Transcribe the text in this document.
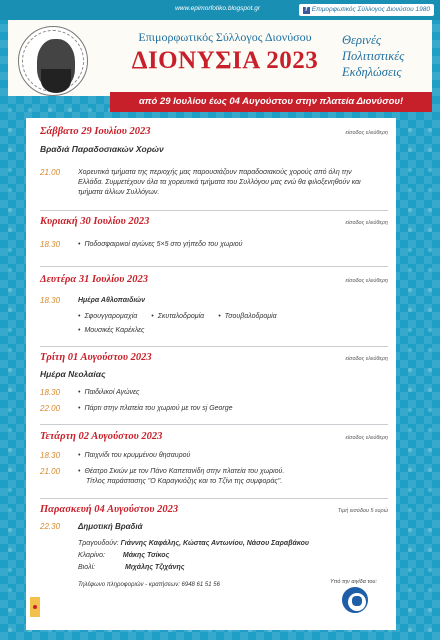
www.epimorfotiko.blogspot.gr	f Επιμορφωτικός Σύλλογος Διονύσου 1980
Επιμορφωτικός Σύλλογος Διονύσου
ΔΙΟΝΥΣΙΑ 2023
Θερινές
Πολιτιστικές
Εκδηλώσεις
από 29 Ιουλίου έως 04 Αυγούστου στην πλατεία Διονύσου!
Σάββατο 29 Ιουλίου 2023	είσοδος ελεύθερη
Βραδιά Παραδοσιακών Χορών
21.00	Χορευτικά τμήματα της περιοχής μας παρουσιάζουν παραδοσιακούς χορούς από όλη την Ελλάδα. Συμμετέχουν όλα τα χορευτικά τμήματα του Συλλόγου μας ενώ θα φιλοξενηθούν και τμήματα άλλων Συλλόγων.
Κυριακή 30 Ιουλίου 2023	είσοδος ελεύθερη
18.30	• Ποδοσφαιρικοί αγώνες 5×5 στο γήπεδο του χωριού
Δευτέρα 31 Ιουλίου 2023	είσοδος ελεύθερη
18.30	Ημέρα Αθλοπαιδιών
• Σφουγγαροµαχία	• Σκυταλοδρομία	• Τσουβαλοδρομία
• Μουσικές Καρέκλες
Τρίτη 01 Αυγούστου 2023	είσοδος ελεύθερη
Ημέρα Νεολαίας
18.30	• Παιδιλικοί Αγώνες
22.00	• Πάρτι στην πλατεία του χωριού με τον sj George
Τετάρτη 02 Αυγούστου 2023	είσοδος ελεύθερη
18.30	• Παιχνίδι του κρυμμένου θησαυρού
21.00	• Θέατρο Σκιών με τον Πάνο Καπετανίδη στην πλατεία του χωριού.
Τίτλος παράστασης "Ο Καραγκιόζης και το Τζίνι της συμφοράς".
Παρασκευή 04 Αυγούστου 2023	Τιμή εισόδου 5 ευρώ
22.30 Δημοτική Βραδιά
Τραγουδούν: Γιάννης Καφάλης, Κώστας Αντωνίου, Νάσου Σαραβάκου
Κλαρίνο:	Μάκης Τσίκος
Βιολί:	Μιχάλης Τζιχάνης
Τηλέφωνο πληροφοριών - κρατήσεων: 6948 61 51 56	Υπό την αιγίδα του:
